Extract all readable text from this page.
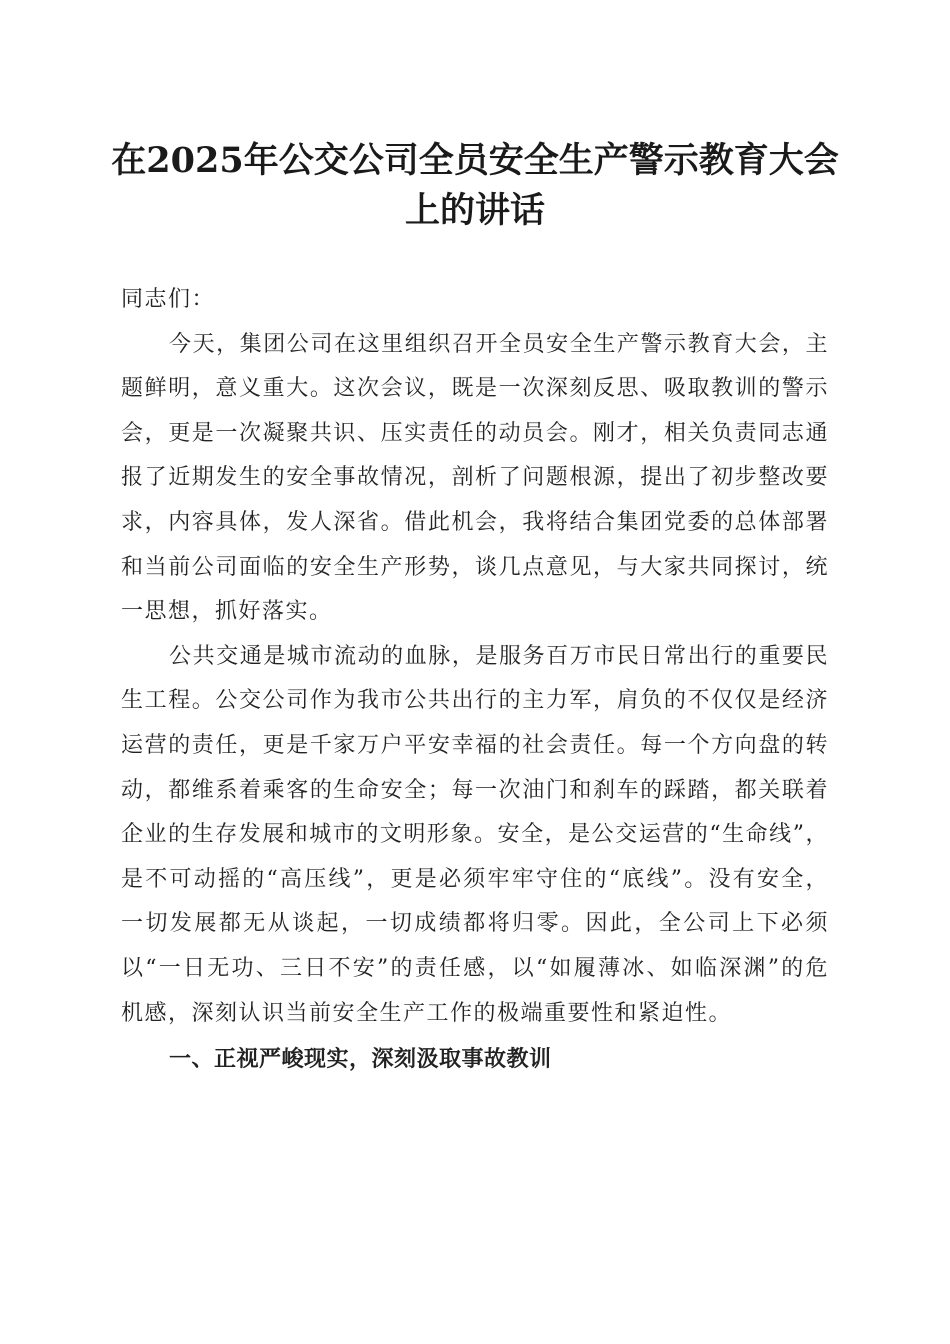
在2025年公交公司全员安全生产警示教育大会上的讲话

同志们：

今天，集团公司在这里组织召开全员安全生产警示教育大会，主题鲜明，意义重大。这次会议，既是一次深刻反思、吸取教训的警示会，更是一次凝聚共识、压实责任的动员会。刚才，相关负责同志通报了近期发生的安全事故情况，剖析了问题根源，提出了初步整改要求，内容具体，发人深省。借此机会，我将结合集团党委的总体部署和当前公司面临的安全生产形势，谈几点意见，与大家共同探讨，统一思想，抓好落实。

公共交通是城市流动的血脉，是服务百万市民日常出行的重要民生工程。公交公司作为我市公共出行的主力军，肩负的不仅仅是经济运营的责任，更是千家万户平安幸福的社会责任。每一个方向盘的转动，都维系着乘客的生命安全；每一次油门和刹车的踩踏，都关联着企业的生存发展和城市的文明形象。安全，是公交运营的“生命线”，是不可动摇的“高压线”，更是必须牢牢守住的“底线”。没有安全，一切发展都无从谈起，一切成绩都将归零。因此，全公司上下必须以“一日无功、三日不安”的责任感，以“如履薄冰、如临深渊”的危机感，深刻认识当前安全生产工作的极端重要性和紧迫性。

一、正视严峻现实，深刻汲取事故教训
